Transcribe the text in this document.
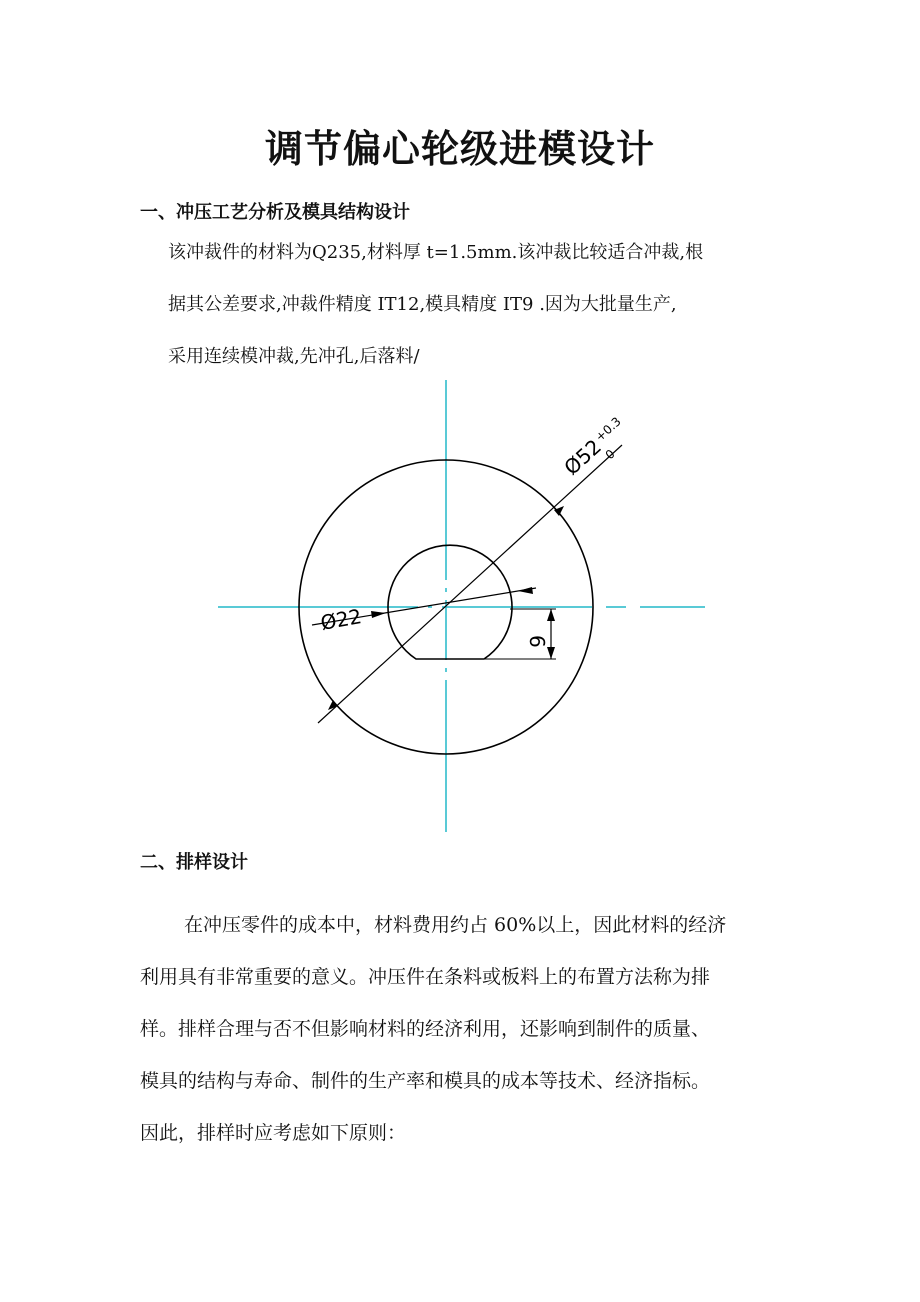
调节偏心轮级进模设计
一、冲压工艺分析及模具结构设计

该冲裁件的材料为Q235,材料厚 t=1.5mm.该冲裁比较适合冲裁,根

据其公差要求,冲裁件精度 IT12,模具精度 IT9 .因为大批量生产,

采用连续模冲裁,先冲孔,后落料/

Ø52
+0.3
0
Ø22
6
二、排样设计

在冲压零件的成本中，材料费用约占 60%以上，因此材料的经济

利用具有非常重要的意义。冲压件在条料或板料上的布置方法称为排

样。排样合理与否不但影响材料的经济利用，还影响到制件的质量、

模具的结构与寿命、制件的生产率和模具的成本等技术、经济指标。

因此，排样时应考虑如下原则：
